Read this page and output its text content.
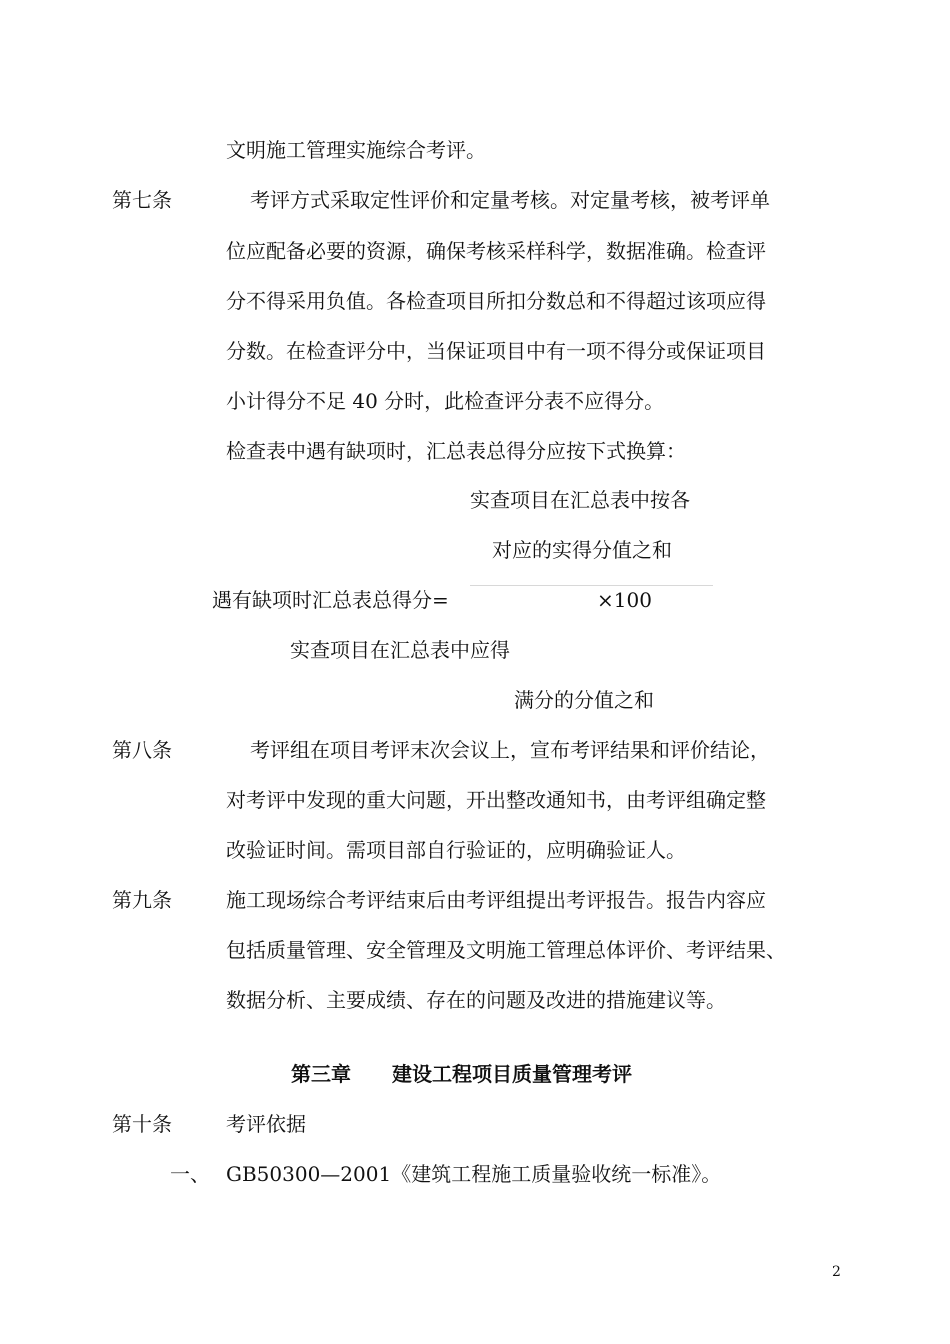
文明施工管理实施综合考评。
第七条	考评方式采取定性评价和定量考核。对定量考核，被考评单
位应配备必要的资源，确保考核采样科学，数据准确。检查评
分不得采用负值。各检查项目所扣分数总和不得超过该项应得
分数。在检查评分中，当保证项目中有一项不得分或保证项目
小计得分不足 40 分时，此检查评分表不应得分。
检查表中遇有缺项时，汇总表总得分应按下式换算：
实查项目在汇总表中按各
对应的实得分值之和
遇有缺项时汇总表总得分=	×100
实查项目在汇总表中应得
满分的分值之和
第八条	考评组在项目考评末次会议上，宣布考评结果和评价结论，
对考评中发现的重大问题，开出整改通知书，由考评组确定整
改验证时间。需项目部自行验证的，应明确验证人。
第九条	施工现场综合考评结束后由考评组提出考评报告。报告内容应
包括质量管理、安全管理及文明施工管理总体评价、考评结果、
数据分析、主要成绩、存在的问题及改进的措施建议等。
第三章 建设工程项目质量管理考评
第十条	考评依据
一、 GB50300—2001《建筑工程施工质量验收统一标准》。
2
